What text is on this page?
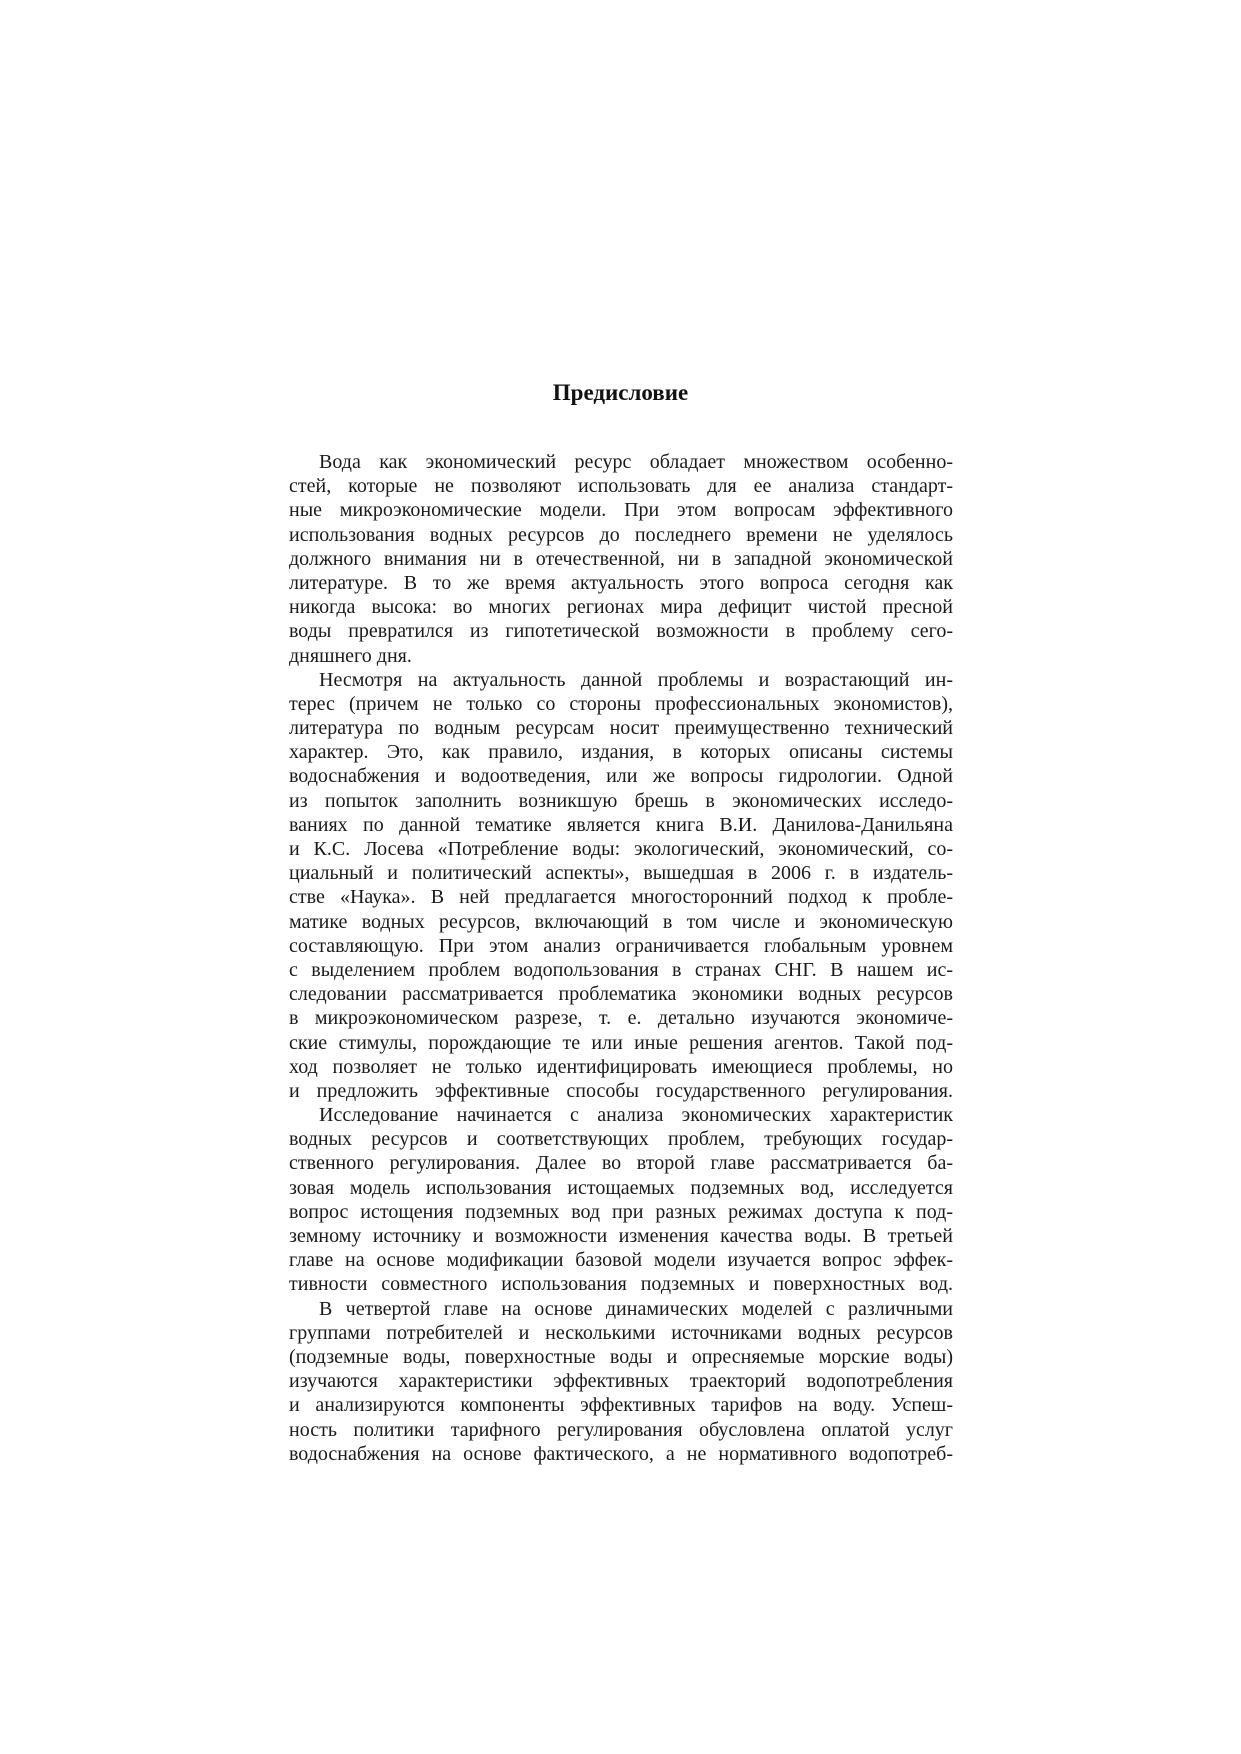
Предисловие
Вода как экономический ресурс обладает множеством особенно-
стей, которые не позволяют использовать для ее анализа стандарт-
ные микроэкономические модели. При этом вопросам эффективного
использования водных ресурсов до последнего времени не уделялось
должного внимания ни в отечественной, ни в западной экономической
литературе. В то же время актуальность этого вопроса сегодня как
никогда высока: во многих регионах мира дефицит чистой пресной
воды превратился из гипотетической возможности в проблему сего-
дняшнего дня.
Несмотря на актуальность данной проблемы и возрастающий ин-
терес (причем не только со стороны профессиональных экономистов),
литература по водным ресурсам носит преимущественно технический
характер. Это, как правило, издания, в которых описаны системы
водоснабжения и водоотведения, или же вопросы гидрологии. Одной
из попыток заполнить возникшую брешь в экономических исследо-
ваниях по данной тематике является книга В.И. Данилова-Данильяна
и К.С. Лосева «Потребление воды: экологический, экономический, со-
циальный и политический аспекты», вышедшая в 2006 г. в издатель-
стве «Наука». В ней предлагается многосторонний подход к пробле-
матике водных ресурсов, включающий в том числе и экономическую
составляющую. При этом анализ ограничивается глобальным уровнем
с выделением проблем водопользования в странах СНГ. В нашем ис-
следовании рассматривается проблематика экономики водных ресурсов
в микроэкономическом разрезе, т. е. детально изучаются экономиче-
ские стимулы, порождающие те или иные решения агентов. Такой под-
ход позволяет не только идентифицировать имеющиеся проблемы, но
и предложить эффективные способы государственного регулирования.
Исследование начинается с анализа экономических характеристик
водных ресурсов и соответствующих проблем, требующих государ-
ственного регулирования. Далее во второй главе рассматривается ба-
зовая модель использования истощаемых подземных вод, исследуется
вопрос истощения подземных вод при разных режимах доступа к под-
земному источнику и возможности изменения качества воды. В третьей
главе на основе модификации базовой модели изучается вопрос эффек-
тивности совместного использования подземных и поверхностных вод.
В четвертой главе на основе динамических моделей с различными
группами потребителей и несколькими источниками водных ресурсов
(подземные воды, поверхностные воды и опресняемые морские воды)
изучаются характеристики эффективных траекторий водопотребления
и анализируются компоненты эффективных тарифов на воду. Успеш-
ность политики тарифного регулирования обусловлена оплатой услуг
водоснабжения на основе фактического, а не нормативного водопотреб-
